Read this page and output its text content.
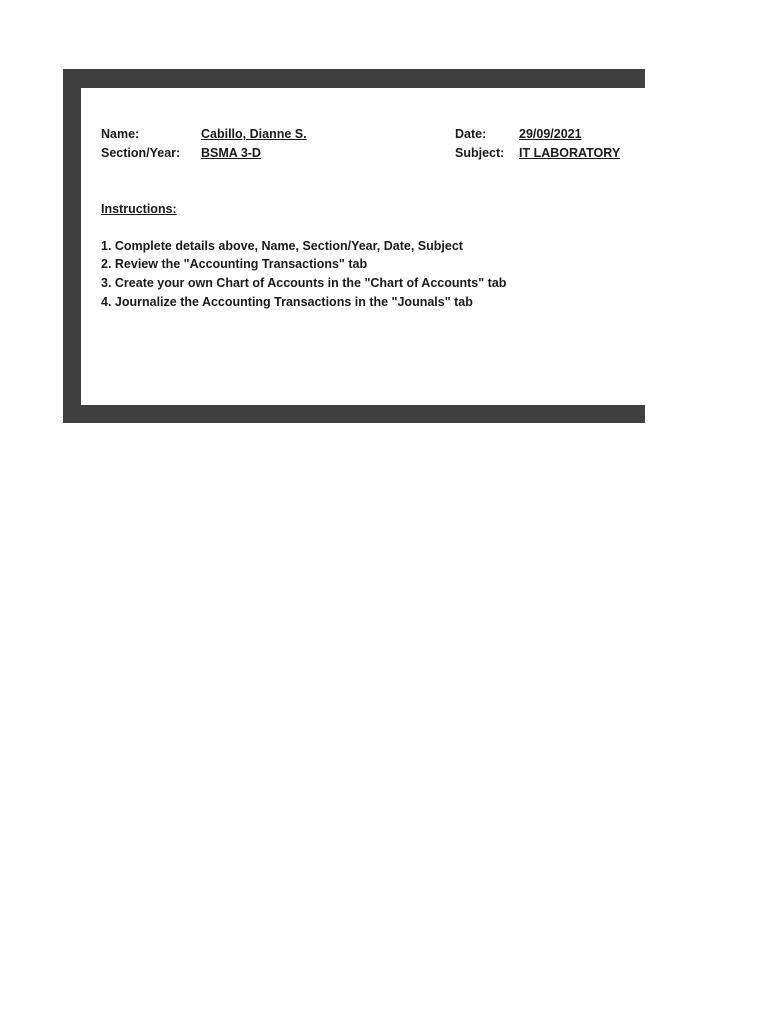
Name:	Cabillo, Dianne S.	Date:	29/09/2021
Section/Year: BSMA 3-D	Subject: IT LABORATORY
Instructions:
1. Complete details above, Name, Section/Year, Date, Subject
2. Review the "Accounting Transactions" tab
3. Create your own Chart of Accounts in the "Chart of Accounts" tab
4. Journalize the Accounting Transactions in the "Jounals" tab
